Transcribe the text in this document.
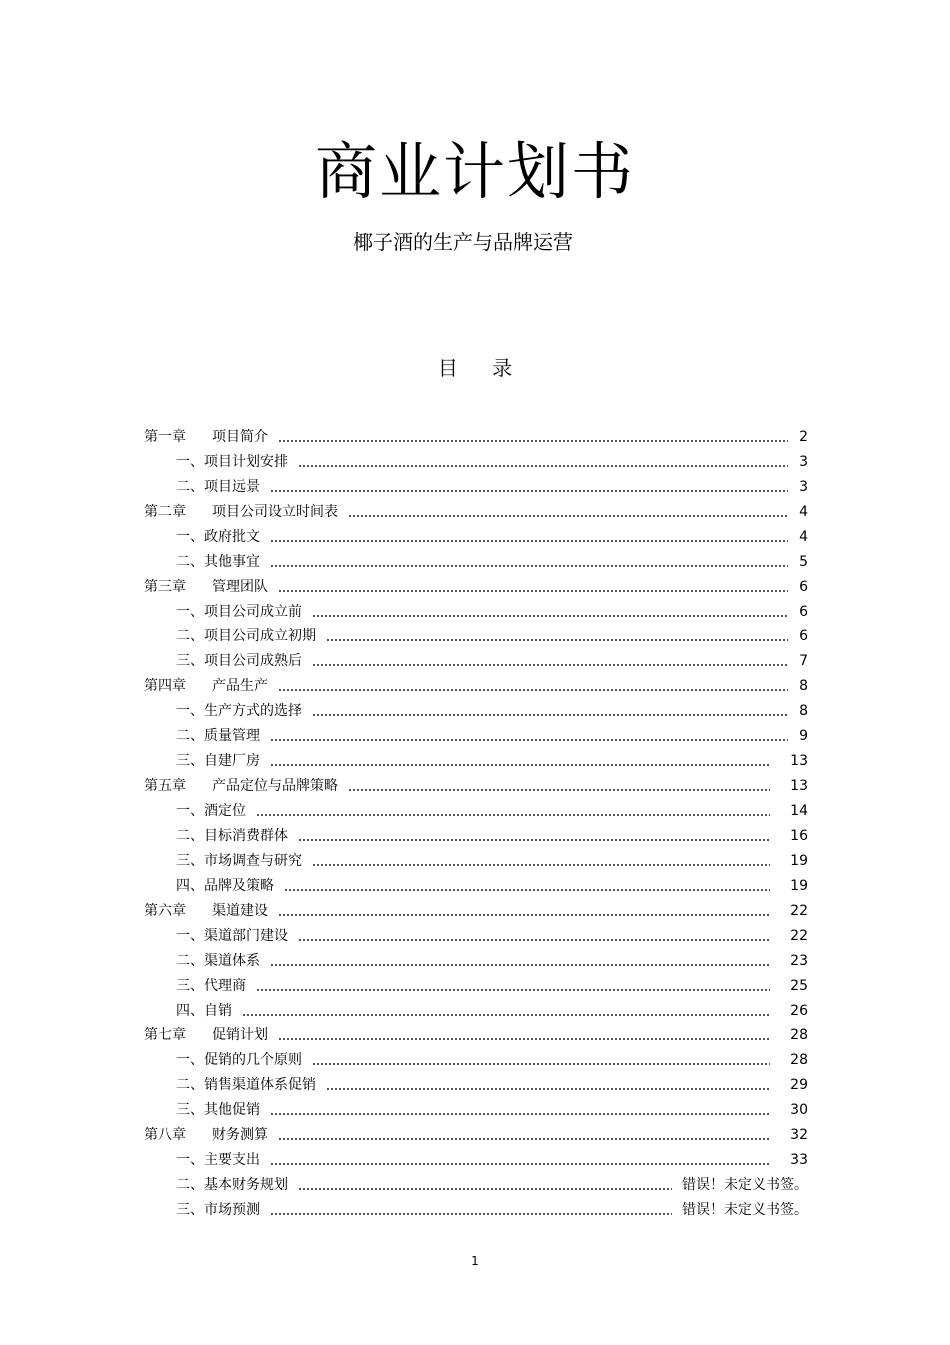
商业计划书
椰子酒的生产与品牌运营
目 录
第一章	项目简介	2
一、项目计划安排	3
二、项目远景	3
第二章	项目公司设立时间表	4
一、政府批文	4
二、其他事宜	5
第三章	管理团队	6
一、项目公司成立前	6
二、项目公司成立初期	6
三、项目公司成熟后	7
第四章	产品生产	8
一、生产方式的选择	8
二、质量管理	9
三、自建厂房	13
第五章	产品定位与品牌策略	13
一、酒定位	14
二、目标消费群体	16
三、市场调查与研究	19
四、品牌及策略	19
第六章	渠道建设	22
一、渠道部门建设	22
二、渠道体系	23
三、代理商	25
四、自销	26
第七章	促销计划	28
一、促销的几个原则	28
二、销售渠道体系促销	29
三、其他促销	30
第八章	财务测算	32
一、主要支出	33
二、基本财务规划	错误！未定义书签。
三、市场预测	错误！未定义书签。
1
